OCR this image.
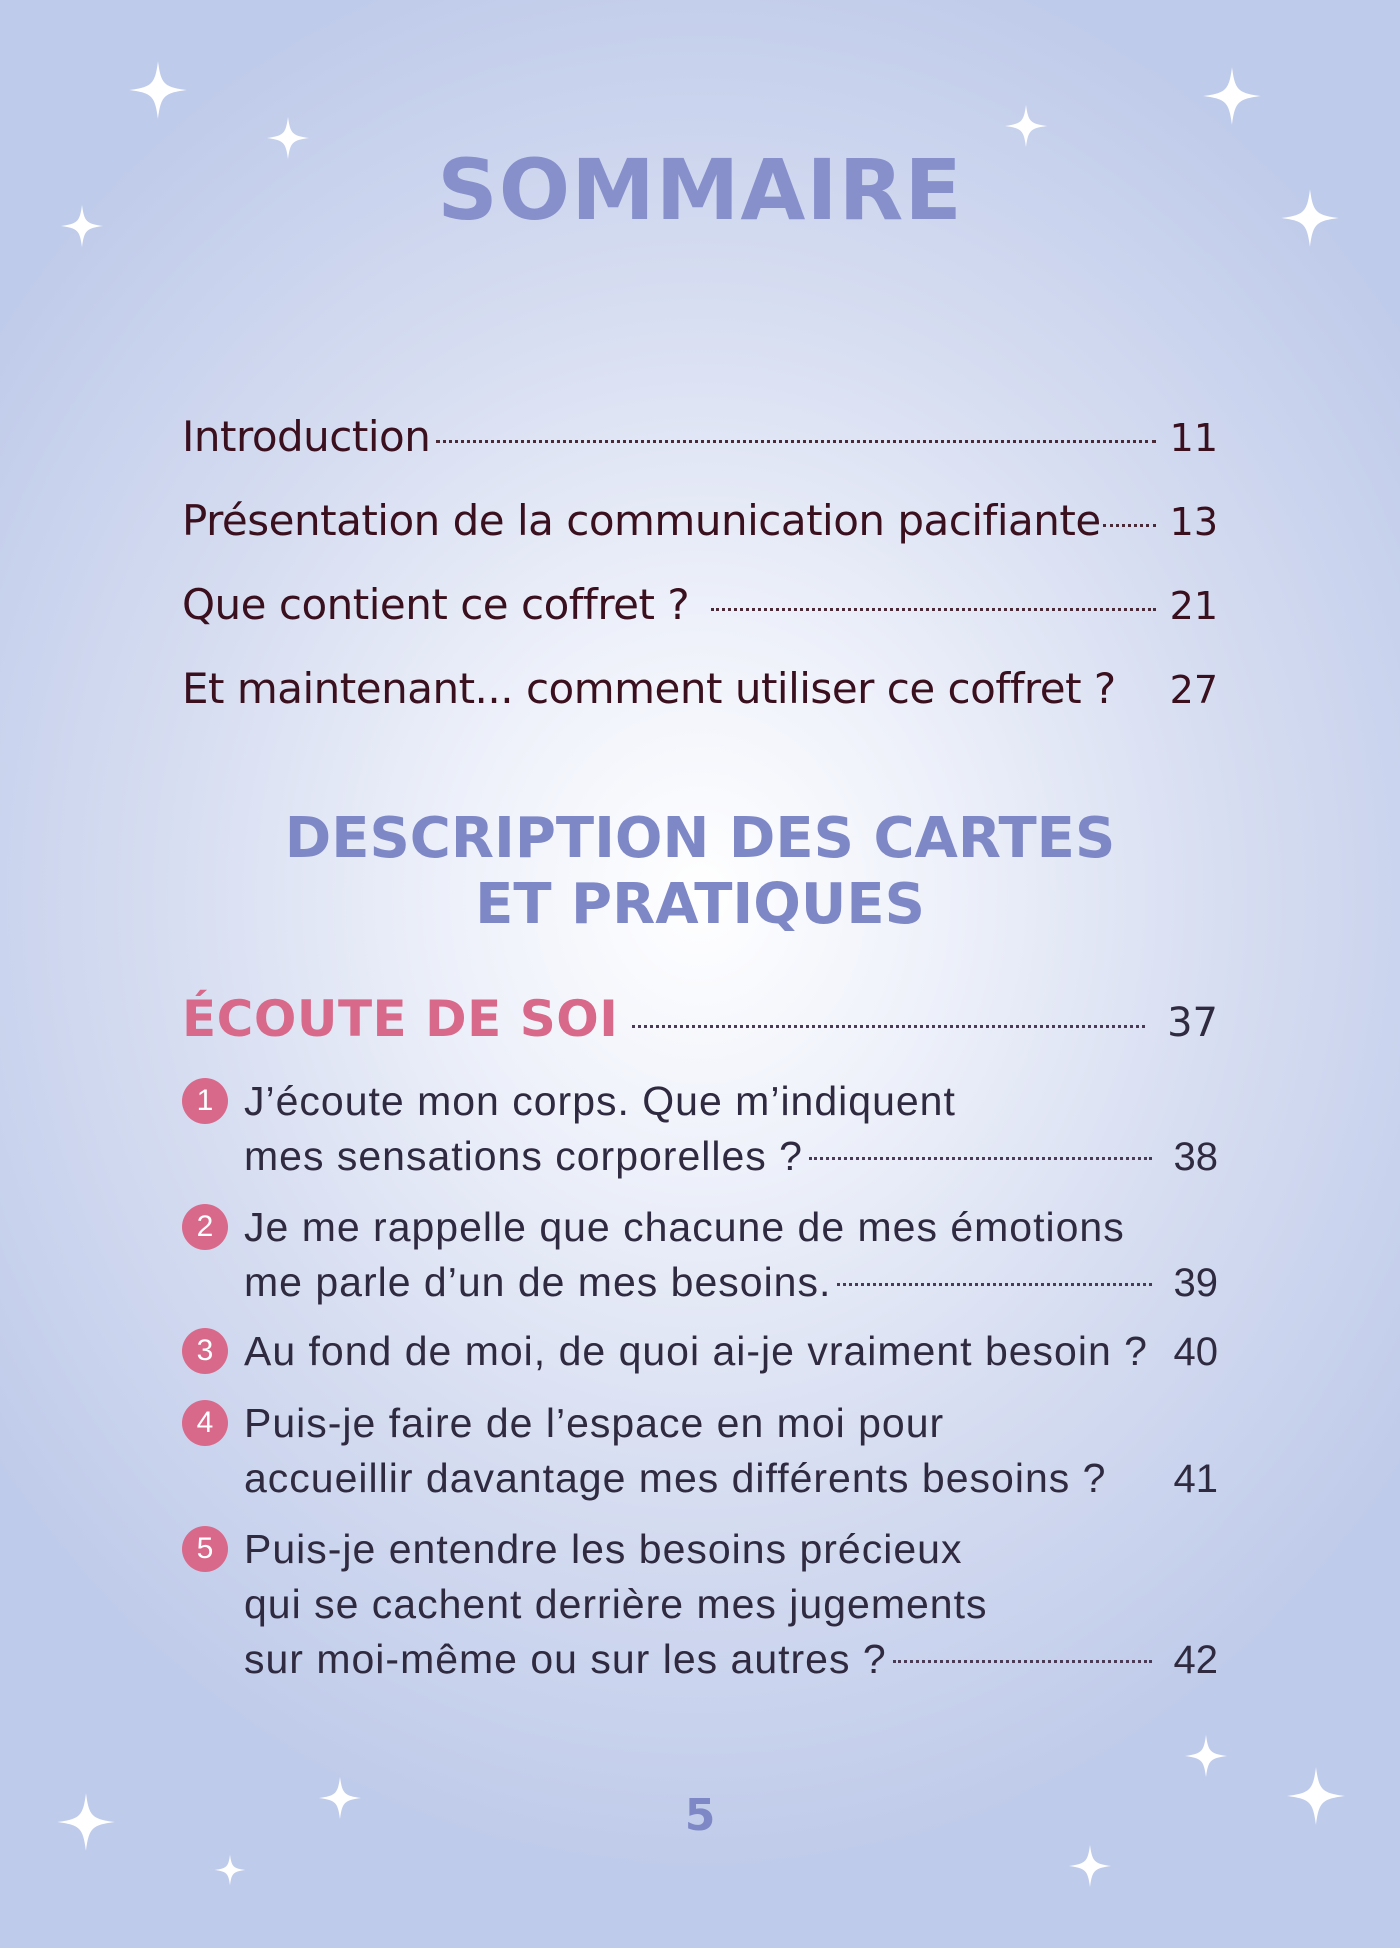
SOMMAIRE
Introduction	11
Présentation de la communication pacifiante 13
Que contient ce coffret ?	21
Et maintenant... comment utiliser ce coffret ? 27
DESCRIPTION DES CARTES
ET PRATIQUES
ÉCOUTE DE SOI	37
1 J’écoute mon corps. Que m’indiquent
mes sensations corporelles ?	38
2 Je me rappelle que chacune de mes émotions
me parle d’un de mes besoins.	39
3 Au fond de moi, de quoi ai-je vraiment besoin ? 40
4 Puis-je faire de l’espace en moi pour
accueillir davantage mes différents besoins ? 41
5 Puis-je entendre les besoins précieux
qui se cachent derrière mes jugements
sur moi-même ou sur les autres ?	42
5
